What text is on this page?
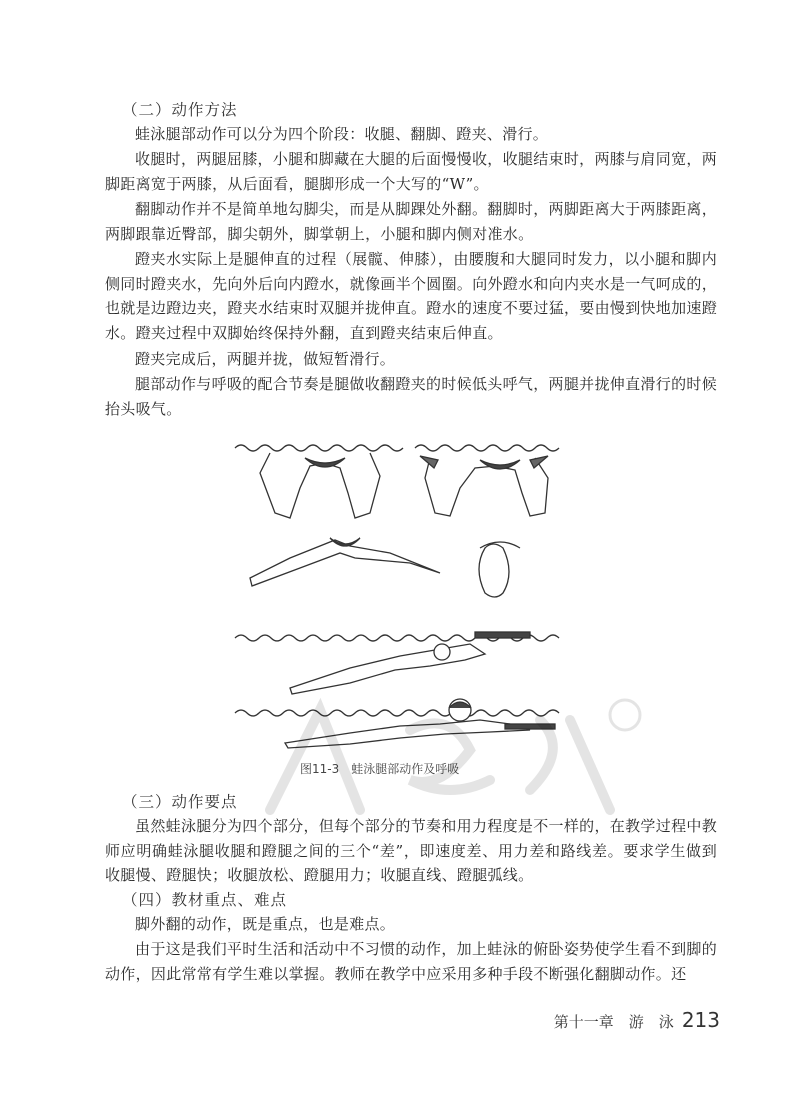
（二）动作方法
蛙泳腿部动作可以分为四个阶段：收腿、翻脚、蹬夹、滑行。
收腿时，两腿屈膝，小腿和脚藏在大腿的后面慢慢收，收腿结束时，两膝与肩同宽，两脚距离宽于两膝，从后面看，腿脚形成一个大写的“W”。
翻脚动作并不是简单地勾脚尖，而是从脚踝处外翻。翻脚时，两脚距离大于两膝距离，两脚跟靠近臀部，脚尖朝外，脚掌朝上，小腿和脚内侧对准水。
蹬夹水实际上是腿伸直的过程（展髋、伸膝），由腰腹和大腿同时发力，以小腿和脚内侧同时蹬夹水，先向外后向内蹬水，就像画半个圆圈。向外蹬水和向内夹水是一气呵成的，也就是边蹬边夹，蹬夹水结束时双腿并拢伸直。蹬水的速度不要过猛，要由慢到快地加速蹬水。蹬夹过程中双脚始终保持外翻，直到蹬夹结束后伸直。
蹬夹完成后，两腿并拢，做短暂滑行。
腿部动作与呼吸的配合节奏是腿做收翻蹬夹的时候低头呼气，两腿并拢伸直滑行的时候抬头吸气。
图11-3　蛙泳腿部动作及呼吸
（三）动作要点
虽然蛙泳腿分为四个部分，但每个部分的节奏和用力程度是不一样的，在教学过程中教师应明确蛙泳腿收腿和蹬腿之间的三个“差”，即速度差、用力差和路线差。要求学生做到收腿慢、蹬腿快；收腿放松、蹬腿用力；收腿直线、蹬腿弧线。
（四）教材重点、难点
脚外翻的动作，既是重点，也是难点。
由于这是我们平时生活和活动中不习惯的动作，加上蛙泳的俯卧姿势使学生看不到脚的动作，因此常常有学生难以掌握。教师在教学中应采用多种手段不断强化翻脚动作。还
第十一章　游　泳 213
